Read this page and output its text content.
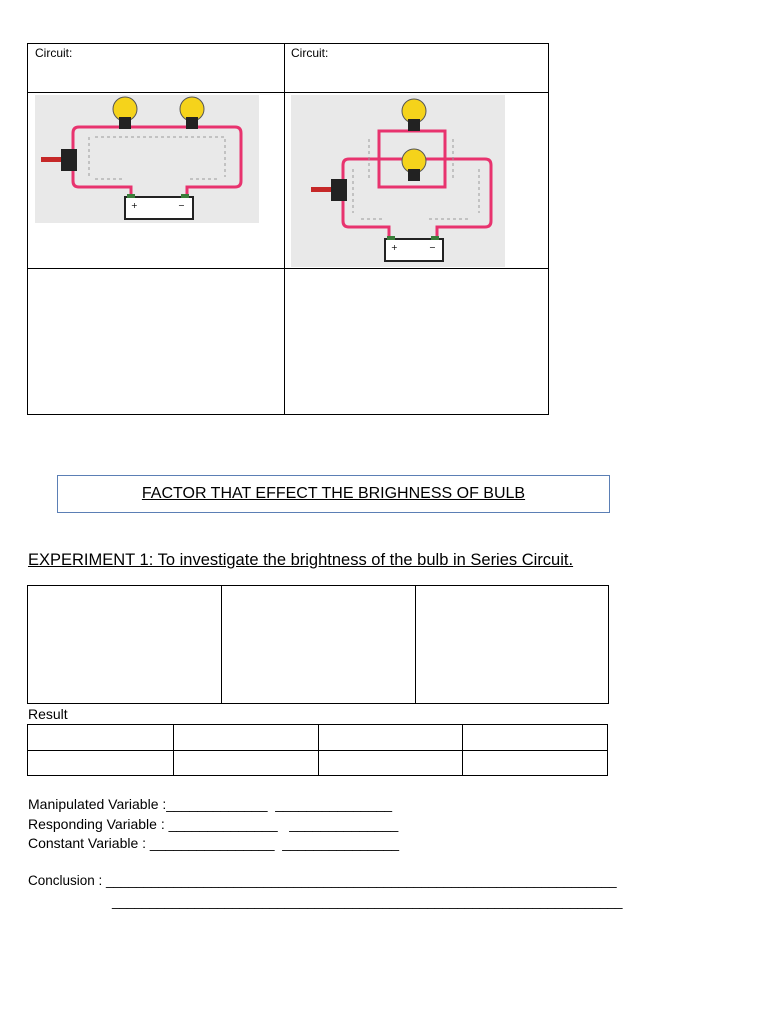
Circuit:	Circuit:
+	−
+	−
FACTOR THAT EFFECT THE BRIGHNESS OF BULB
EXPERIMENT 1: To investigate the brightness of the bulb in Series Circuit.
Result
Manipulated Variable :_____________  _______________
Responding Variable : ______________   ______________
Constant Variable : ________________  _______________
Conclusion : ____________________________________________________________________
____________________________________________________________________
